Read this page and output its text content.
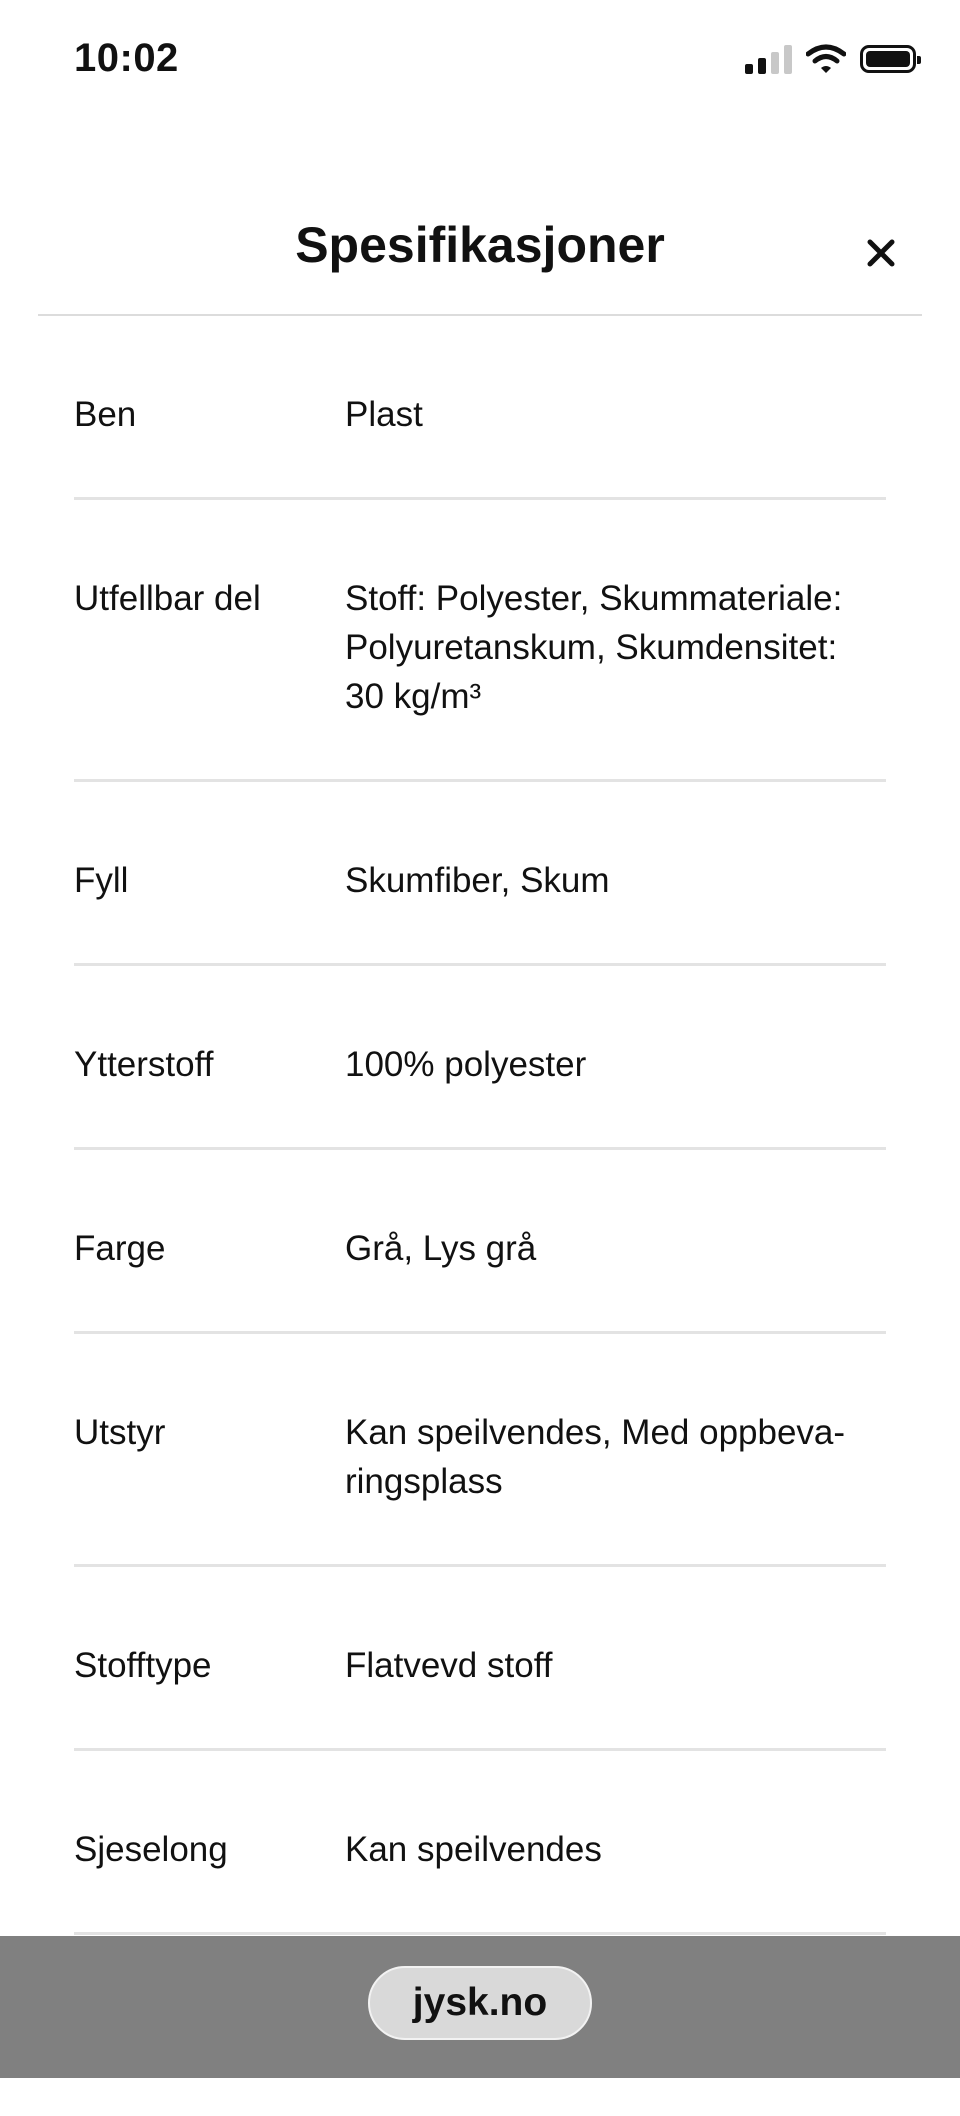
10:02
Spesifikasjoner
Ben	Plast
Utfellbar del	Stoff: Polyester, Skummateriale: Polyuretanskum, Skumdensitet: 30 kg/m³
Fyll	Skumfiber, Skum
Ytterstoff	100% polyester
Farge	Grå, Lys grå
Utstyr	Kan speilvendes, Med oppbeva-ringsplass
Stofftype	Flatvevd stoff
Sjeselong	Kan speilvendes
jysk.no
